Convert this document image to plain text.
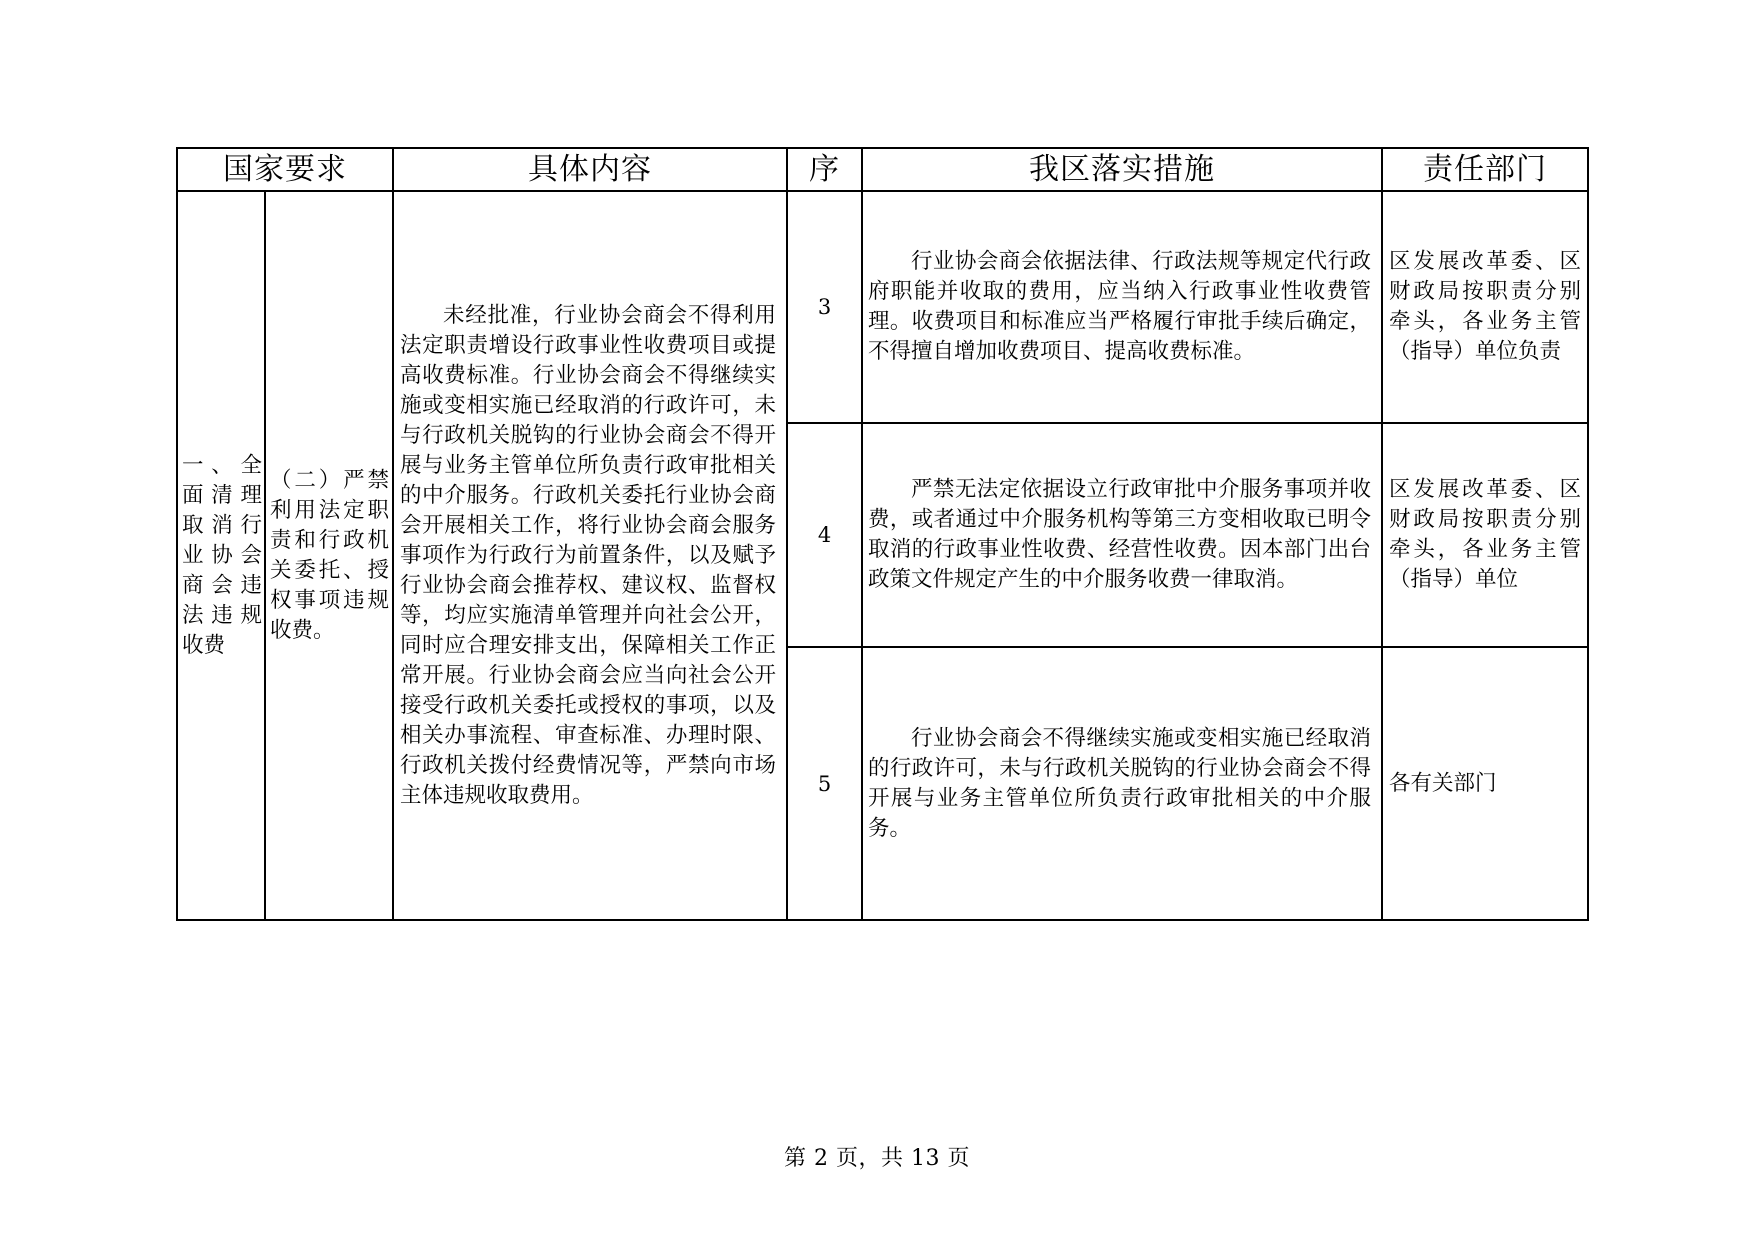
国家要求		具体内容	序	我区落实措施	责任部门
一、全面清理取消行业协会商会违法违规收费	（二）严禁利用法定职责和行政机关委托、授权事项违规收费。	未经批准，行业协会商会不得利用法定职责增设行政事业性收费项目或提高收费标准。行业协会商会不得继续实施或变相实施已经取消的行政许可，未与行政机关脱钩的行业协会商会不得开展与业务主管单位所负责行政审批相关的中介服务。行政机关委托行业协会商会开展相关工作，将行业协会商会服务事项作为行政行为前置条件，以及赋予行业协会商会推荐权、建议权、监督权等，均应实施清单管理并向社会公开，同时应合理安排支出，保障相关工作正常开展。行业协会商会应当向社会公开接受行政机关委托或授权的事项，以及相关办事流程、审查标准、办理时限、行政机关拨付经费情况等，严禁向市场主体违规收取费用。	3	行业协会商会依据法律、行政法规等规定代行政府职能并收取的费用，应当纳入行政事业性收费管理。收费项目和标准应当严格履行审批手续后确定，不得擅自增加收费项目、提高收费标准。	区发展改革委、区财政局按职责分别牵头，各业务主管（指导）单位负责
			4	严禁无法定依据设立行政审批中介服务事项并收费，或者通过中介服务机构等第三方变相收取已明令取消的行政事业性收费、经营性收费。因本部门出台政策文件规定产生的中介服务收费一律取消。	区发展改革委、区财政局按职责分别牵头，各业务主管（指导）单位
			5	行业协会商会不得继续实施或变相实施已经取消的行政许可，未与行政机关脱钩的行业协会商会不得开展与业务主管单位所负责行政审批相关的中介服务。	各有关部门
第 2 页，共 13 页
